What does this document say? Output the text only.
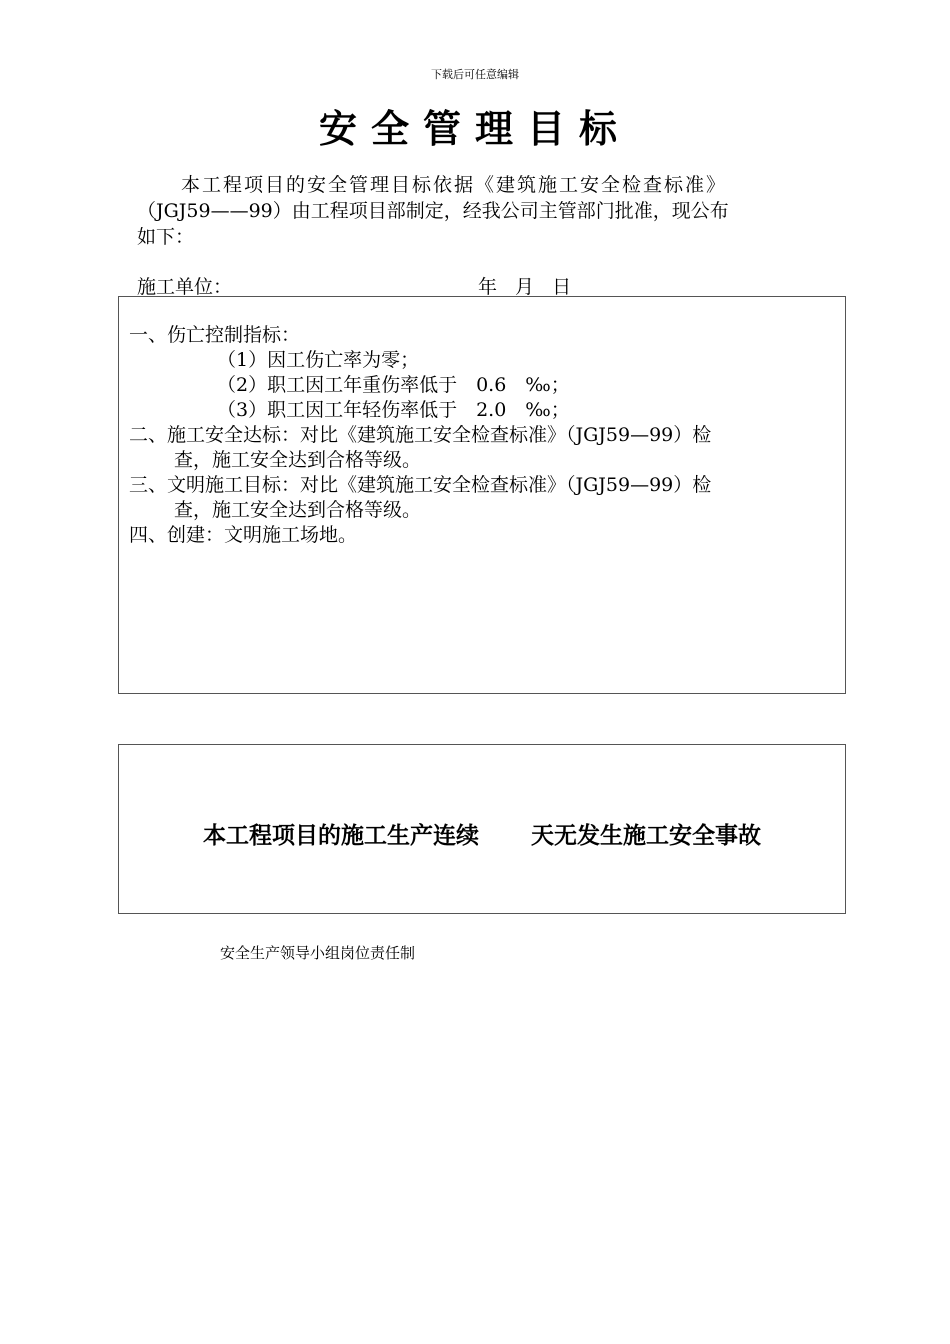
下载后可任意编辑
安全管理目标
本工程项目的安全管理目标依据《建筑施工安全检查标准》
（JGJ59——99）由工程项目部制定，经我公司主管部门批准，现公布
如下：
施工单位：	年 月 日
一、伤亡控制指标：
（1）因工伤亡率为零；
（2）职工因工年重伤率低于　0.6　‰；
（3）职工因工年轻伤率低于　2.0　‰；
二、施工安全达标：对比《建筑施工安全检查标准》（JGJ59—99）检
查，施工安全达到合格等级。
三、文明施工目标：对比《建筑施工安全检查标准》（JGJ59—99）检
查，施工安全达到合格等级。
四、创建：文明施工场地。
本工程项目的施工生产连续 天无发生施工安全事故
安全生产领导小组岗位责任制
